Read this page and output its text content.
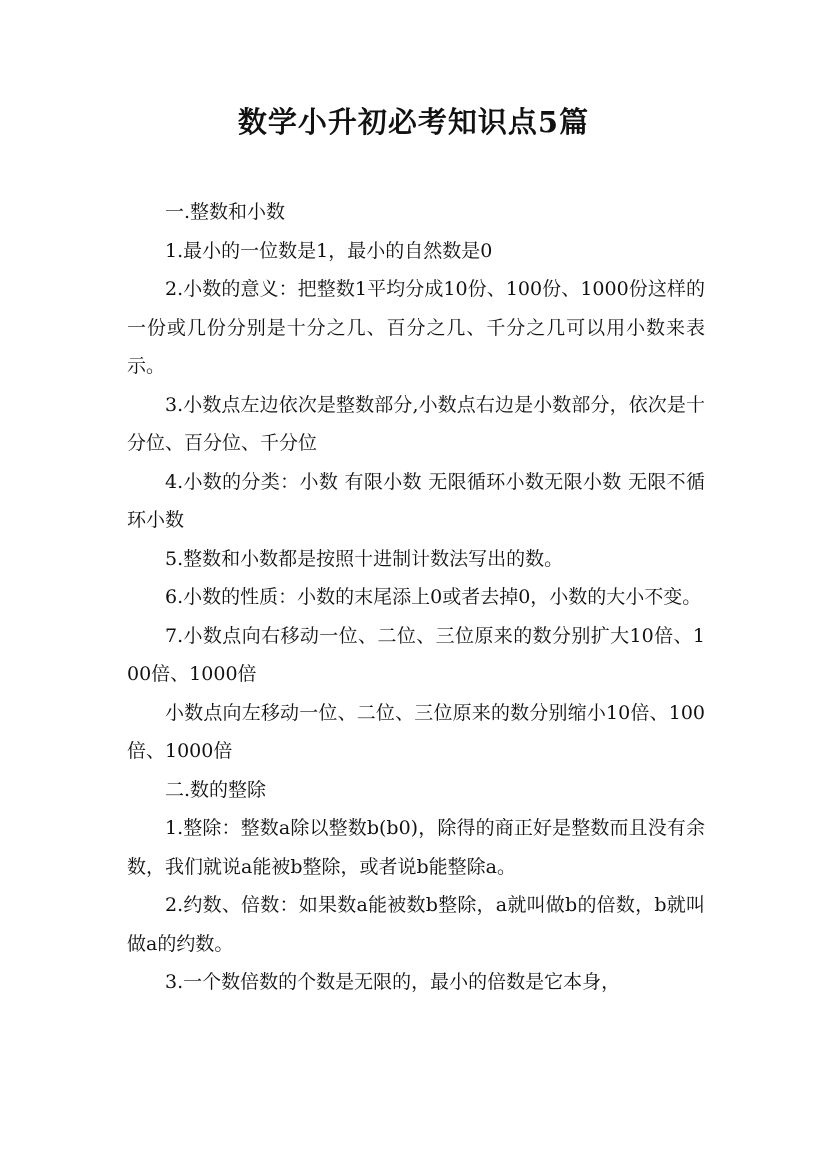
数学小升初必考知识点5篇

一.整数和小数

1.最小的一位数是1，最小的自然数是0

2.小数的意义：把整数1平均分成10份、100份、1000份这样的一份或几份分别是十分之几、百分之几、千分之几可以用小数来表示。

3.小数点左边依次是整数部分,小数点右边是小数部分，依次是十分位、百分位、千分位

4.小数的分类：小数 有限小数 无限循环小数无限小数 无限不循环小数

5.整数和小数都是按照十进制计数法写出的数。

6.小数的性质：小数的末尾添上0或者去掉0，小数的大小不变。

7.小数点向右移动一位、二位、三位原来的数分别扩大10倍、100倍、1000倍

小数点向左移动一位、二位、三位原来的数分别缩小10倍、100倍、1000倍

二.数的整除

1.整除：整数a除以整数b(b0)，除得的商正好是整数而且没有余数，我们就说a能被b整除，或者说b能整除a。

2.约数、倍数：如果数a能被数b整除，a就叫做b的倍数，b就叫做a的约数。

3.一个数倍数的个数是无限的，最小的倍数是它本身，
